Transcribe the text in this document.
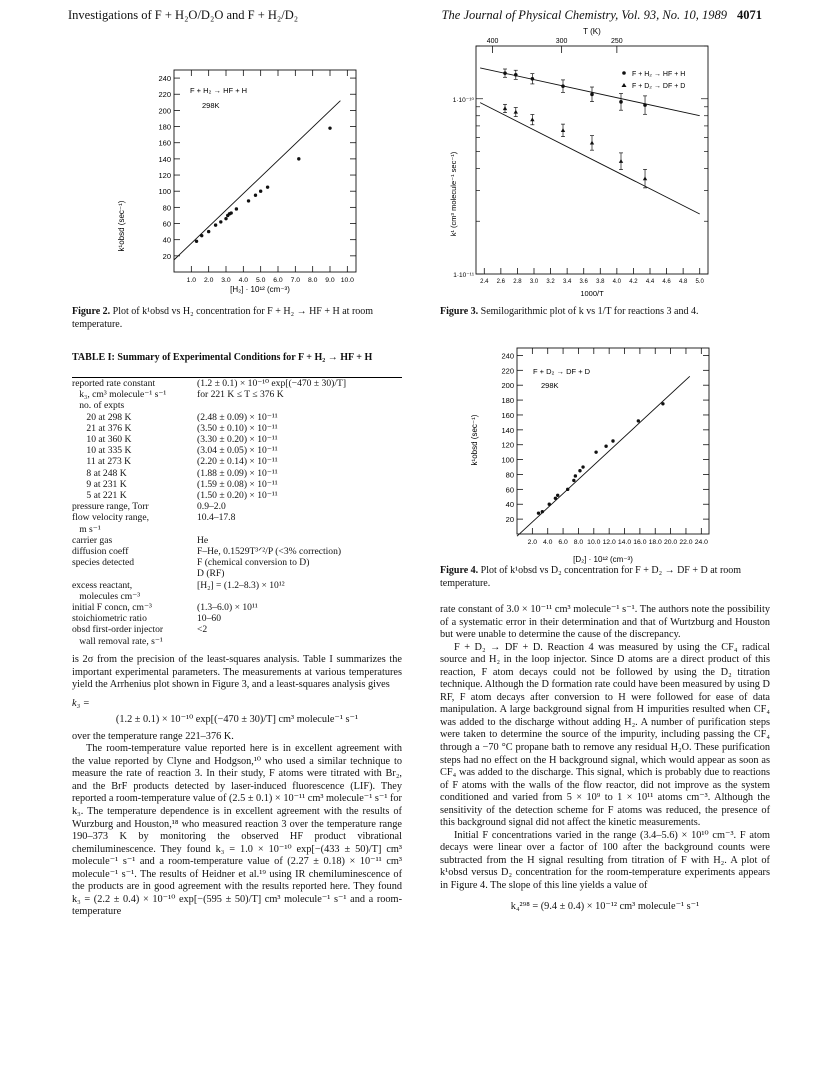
Investigations of F + H₂O/D₂O and F + H₂/D₂	The Journal of Physical Chemistry, Vol. 93, No. 10, 1989 4071
k¹obsd (sec⁻¹)
F + H₂ → HF + H
298K
[H₂] · 10¹² (cm⁻³)
20
40
60
80
100
120
140
160
180
200
220
240
1.0 2.0 3.0 4.0 5.0 6.0 7.0 8.0 9.0 10.0
Figure 2. Plot of k¹obsd vs H₂ concentration for F + H₂ → HF + H at room temperature.
TABLE I: Summary of Experimental Conditions for F + H₂ → HF + H
reported rate constant	(1.2 ± 0.1) × 10⁻¹⁰ exp[(−470 ± 30)/T]
k₃, cm³ molecule⁻¹ s⁻¹	for 221 K ≤ T ≤ 376 K
no. of expts
20 at 298 K	(2.48 ± 0.09) × 10⁻¹¹
21 at 376 K	(3.50 ± 0.10) × 10⁻¹¹
10 at 360 K	(3.30 ± 0.20) × 10⁻¹¹
10 at 335 K	(3.04 ± 0.05) × 10⁻¹¹
11 at 273 K	(2.20 ± 0.14) × 10⁻¹¹
8 at 248 K	(1.88 ± 0.09) × 10⁻¹¹
9 at 231 K	(1.59 ± 0.08) × 10⁻¹¹
5 at 221 K	(1.50 ± 0.20) × 10⁻¹¹
pressure range, Torr	0.9–2.0
flow velocity range,	10.4–17.8
m s⁻¹
carrier gas	He
diffusion coeff	F–He, 0.1529T³ᐟ²/P (<3% correction)
species detected	F (chemical conversion to D)
D (RF)
excess reactant,	[H₂] = (1.2–8.3) × 10¹²
molecules cm⁻³
initial F concn, cm⁻³	(1.3–6.0) × 10¹¹
stoichiometric ratio	10–60
obsd first-order injector	<2
wall removal rate, s⁻¹

is 2σ from the precision of the least-squares analysis. Table I summarizes the important experimental parameters. The measurements at various temperatures yield the Arrhenius plot shown in Figure 3, and a least-squares analysis gives

k₃ =

(1.2 ± 0.1) × 10⁻¹⁰ exp[(−470 ± 30)/T] cm³ molecule⁻¹ s⁻¹

over the temperature range 221–376 K.

The room-temperature value reported here is in excellent agreement with the value reported by Clyne and Hodgson,¹⁰ who used a similar technique to measure the rate of reaction 3. In their study, F atoms were titrated with Br₂, and the BrF products detected by laser-induced fluorescence (LIF). They reported a room-temperature value of (2.5 ± 0.1) × 10⁻¹¹ cm³ molecule⁻¹ s⁻¹ for k₃. The temperature dependence is in excellent agreement with the results of Wurzburg and Houston,¹⁸ who measured reaction 3 over the temperature range 190–373 K by monitoring the observed HF product vibrational chemiluminescence. They found k₃ = 1.0 × 10⁻¹⁰ exp[−(433 ± 50)/T] cm³ molecule⁻¹ s⁻¹ and a room-temperature value of (2.27 ± 0.18) × 10⁻¹¹ cm³ molecule⁻¹ s⁻¹. The results of Heidner et al.¹⁹ using IR chemiluminescence of the products are in good agreement with the results reported here. They found k₃ = (2.2 ± 0.4) × 10⁻¹⁰ exp[−(595 ± 50)/T] cm³ molecule⁻¹ s⁻¹ and a room-temperature

T (K)
k¹ (cm³ molecule⁻¹ sec⁻¹)
1000/T
F + H₂ → HF + H
F + D₂ → DF + D
1·10⁻¹¹
1·10⁻¹⁰
2.4 2.6 2.8 3.0 3.2 3.4 3.6 3.8 4.0 4.2 4.4 4.6 4.8 5.0
400	300	250
Figure 3. Semilogarithmic plot of k vs 1/T for reactions 3 and 4.
k¹obsd (sec⁻¹)
F + D₂ → DF + D
298K
[D₂] · 10¹² (cm⁻³)
20
40
60
80
100
120
140
160
180
200
220
240
2.0 4.0 6.0 8.0 10.0 12.0 14.0 16.0 18.0 20.0 22.0 24.0
Figure 4. Plot of k¹obsd vs D₂ concentration for F + D₂ → DF + D at room temperature.

rate constant of 3.0 × 10⁻¹¹ cm³ molecule⁻¹ s⁻¹. The authors note the possibility of a systematic error in their determination and that of Wurtzburg and Houston but were unable to determine the cause of the discrepancy.

F + D₂ → DF + D. Reaction 4 was measured by using the CF₄ radical source and H₂ in the loop injector. Since D atoms are a direct product of this reaction, F atom decays could not be followed by using the D₂ titration technique. Although the D formation rate could have been measured by using D RF, F atom decays after conversion to H were followed for ease of data manipulation. A large background signal from H impurities resulted when CF₄ was added to the discharge without adding H₂. A number of purification steps were taken to determine the source of the impurity, including passing the CF₄ through a −70 °C propane bath to remove any residual H₂O. These purification steps had no effect on the H background signal, which would appear as soon as CF₄ was added to the discharge. This signal, which is probably due to reactions of F atoms with the walls of the flow reactor, did not improve as the system conditioned and varied from 5 × 10⁹ to 1 × 10¹¹ atoms cm⁻³. Although the sensitivity of the detection scheme for F atoms was reduced, the presence of this background signal did not affect the kinetic measurements.

Initial F concentrations varied in the range (3.4–5.6) × 10¹⁰ cm⁻³. F atom decays were linear over a factor of 100 after the background counts were subtracted from the H signal resulting from titration of F with H₂. A plot of k¹obsd versus D₂ concentration for the room-temperature experiments appears in Figure 4. The slope of this line yields a value of

k₄²⁹⁸ = (9.4 ± 0.4) × 10⁻¹² cm³ molecule⁻¹ s⁻¹
